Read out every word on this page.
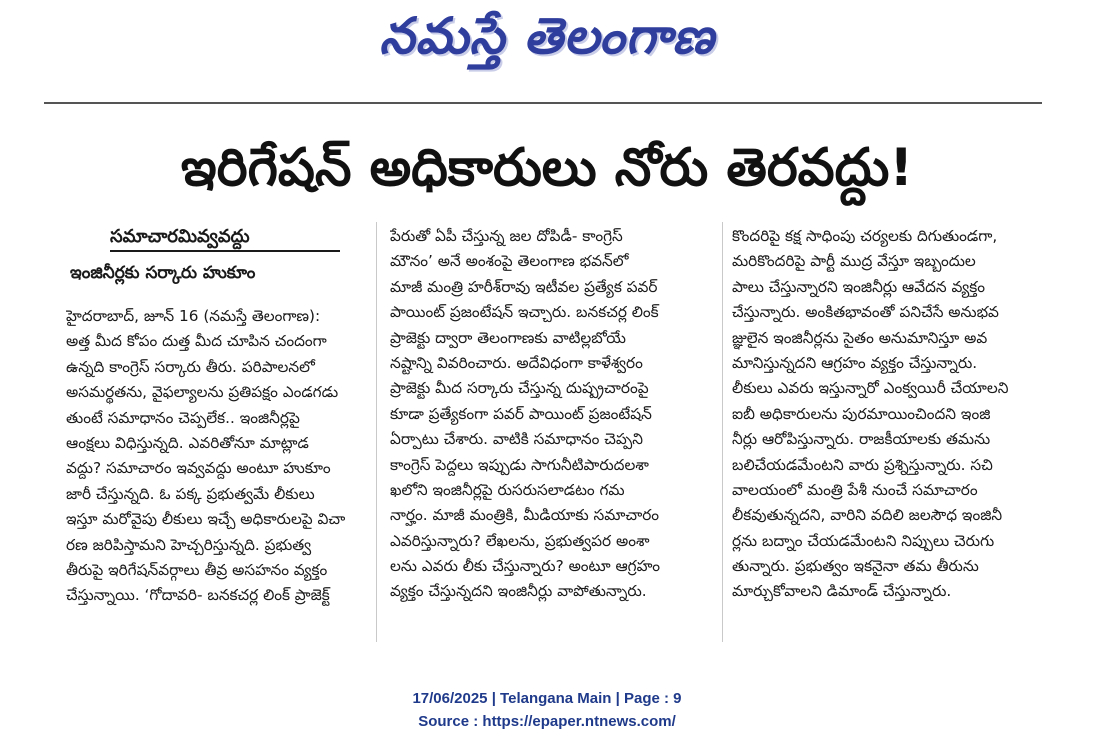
నమస్తే తెలంగాణ
ఇరిగేషన్ అధికారులు నోరు తెరవద్దు!
సమాచారమివ్వవద్దు
ఇంజినీర్లకు సర్కారు హుకూం
హైదరాబాద్, జూన్ 16 (నమస్తే తెలంగాణ):
అత్త మీద కోపం దుత్త మీద చూపిన చందంగా
ఉన్నది కాంగ్రెస్ సర్కారు తీరు. పరిపాలనలో
అసమర్థతను, వైఫల్యాలను ప్రతిపక్షం ఎండగడు
తుంటే సమాధానం చెప్పలేక.. ఇంజినీర్లపై
ఆంక్షలు విధిస్తున్నది. ఎవరితోనూ మాట్లాడ
వద్దు? సమాచారం ఇవ్వవద్దు అంటూ హుకూం
జారీ చేస్తున్నది. ఓ పక్క ప్రభుత్వమే లీకులు
ఇస్తూ మరోవైపు లీకులు ఇచ్చే అధికారులపై విచా
రణ జరిపిస్తామని హెచ్చరిస్తున్నది. ప్రభుత్వ
తీరుపై ఇరిగేషన్‌వర్గాలు తీవ్ర అసహనం వ్యక్తం
చేస్తున్నాయి. ‘గోదావరి- బనకచర్ల లింక్ ప్రాజెక్ట్
పేరుతో ఏపీ చేస్తున్న జల దోపిడీ- కాంగ్రెస్
మౌనం’ అనే అంశంపై తెలంగాణ భవన్‌లో
మాజీ మంత్రి హరీశ్‌రావు ఇటీవల ప్రత్యేక పవర్
పాయింట్ ప్రజంటేషన్ ఇచ్చారు. బనకచర్ల లింక్
ప్రాజెక్టు ద్వారా తెలంగాణకు వాటిల్లబోయే
నష్టాన్ని వివరించారు. అదేవిధంగా కాళేశ్వరం
ప్రాజెక్టు మీద సర్కారు చేస్తున్న దుష్ప్రచారంపై
కూడా ప్రత్యేకంగా పవర్ పాయింట్ ప్రజంటేషన్
ఏర్పాటు చేశారు. వాటికి సమాధానం చెప్పని
కాంగ్రెస్ పెద్దలు ఇప్పుడు సాగునీటిపారుదలశా
ఖలోని ఇంజినీర్లపై రుసరుసలాడటం గమ
నార్హం. మాజీ మంత్రికి, మీడియాకు సమాచారం
ఎవరిస్తున్నారు? లేఖలను, ప్రభుత్వపర అంశా
లను ఎవరు లీకు చేస్తున్నారు? అంటూ ఆగ్రహం
వ్యక్తం చేస్తున్నదని ఇంజినీర్లు వాపోతున్నారు.
కొందరిపై కక్ష సాధింపు చర్యలకు దిగుతుండగా,
మరికొందరిపై పార్టీ ముద్ర వేస్తూ ఇబ్బందుల
పాలు చేస్తున్నారని ఇంజినీర్లు ఆవేదన వ్యక్తం
చేస్తున్నారు. అంకితభావంతో పనిచేసే అనుభవ
జ్ఞులైన ఇంజినీర్లను సైతం అనుమానిస్తూ అవ
మానిస్తున్నదని ఆగ్రహం వ్యక్తం చేస్తున్నారు.
లీకులు ఎవరు ఇస్తున్నారో ఎంక్వయిరీ చేయాలని
ఐబీ అధికారులను పురమాయించిందని ఇంజి
నీర్లు ఆరోపిస్తున్నారు. రాజకీయాలకు తమను
బలిచేయడమేంటని వారు ప్రశ్నిస్తున్నారు. సచి
వాలయంలో మంత్రి పేశీ నుంచే సమాచారం
లీకవుతున్నదని, వారిని వదిలి జలసౌధ ఇంజినీ
ర్లను బద్నాం చేయడమేంటని నిప్పులు చెరుగు
తున్నారు. ప్రభుత్వం ఇకనైనా తమ తీరును
మార్చుకోవాలని డిమాండ్ చేస్తున్నారు.
17/06/2025 | Telangana Main | Page : 9
Source : https://epaper.ntnews.com/
